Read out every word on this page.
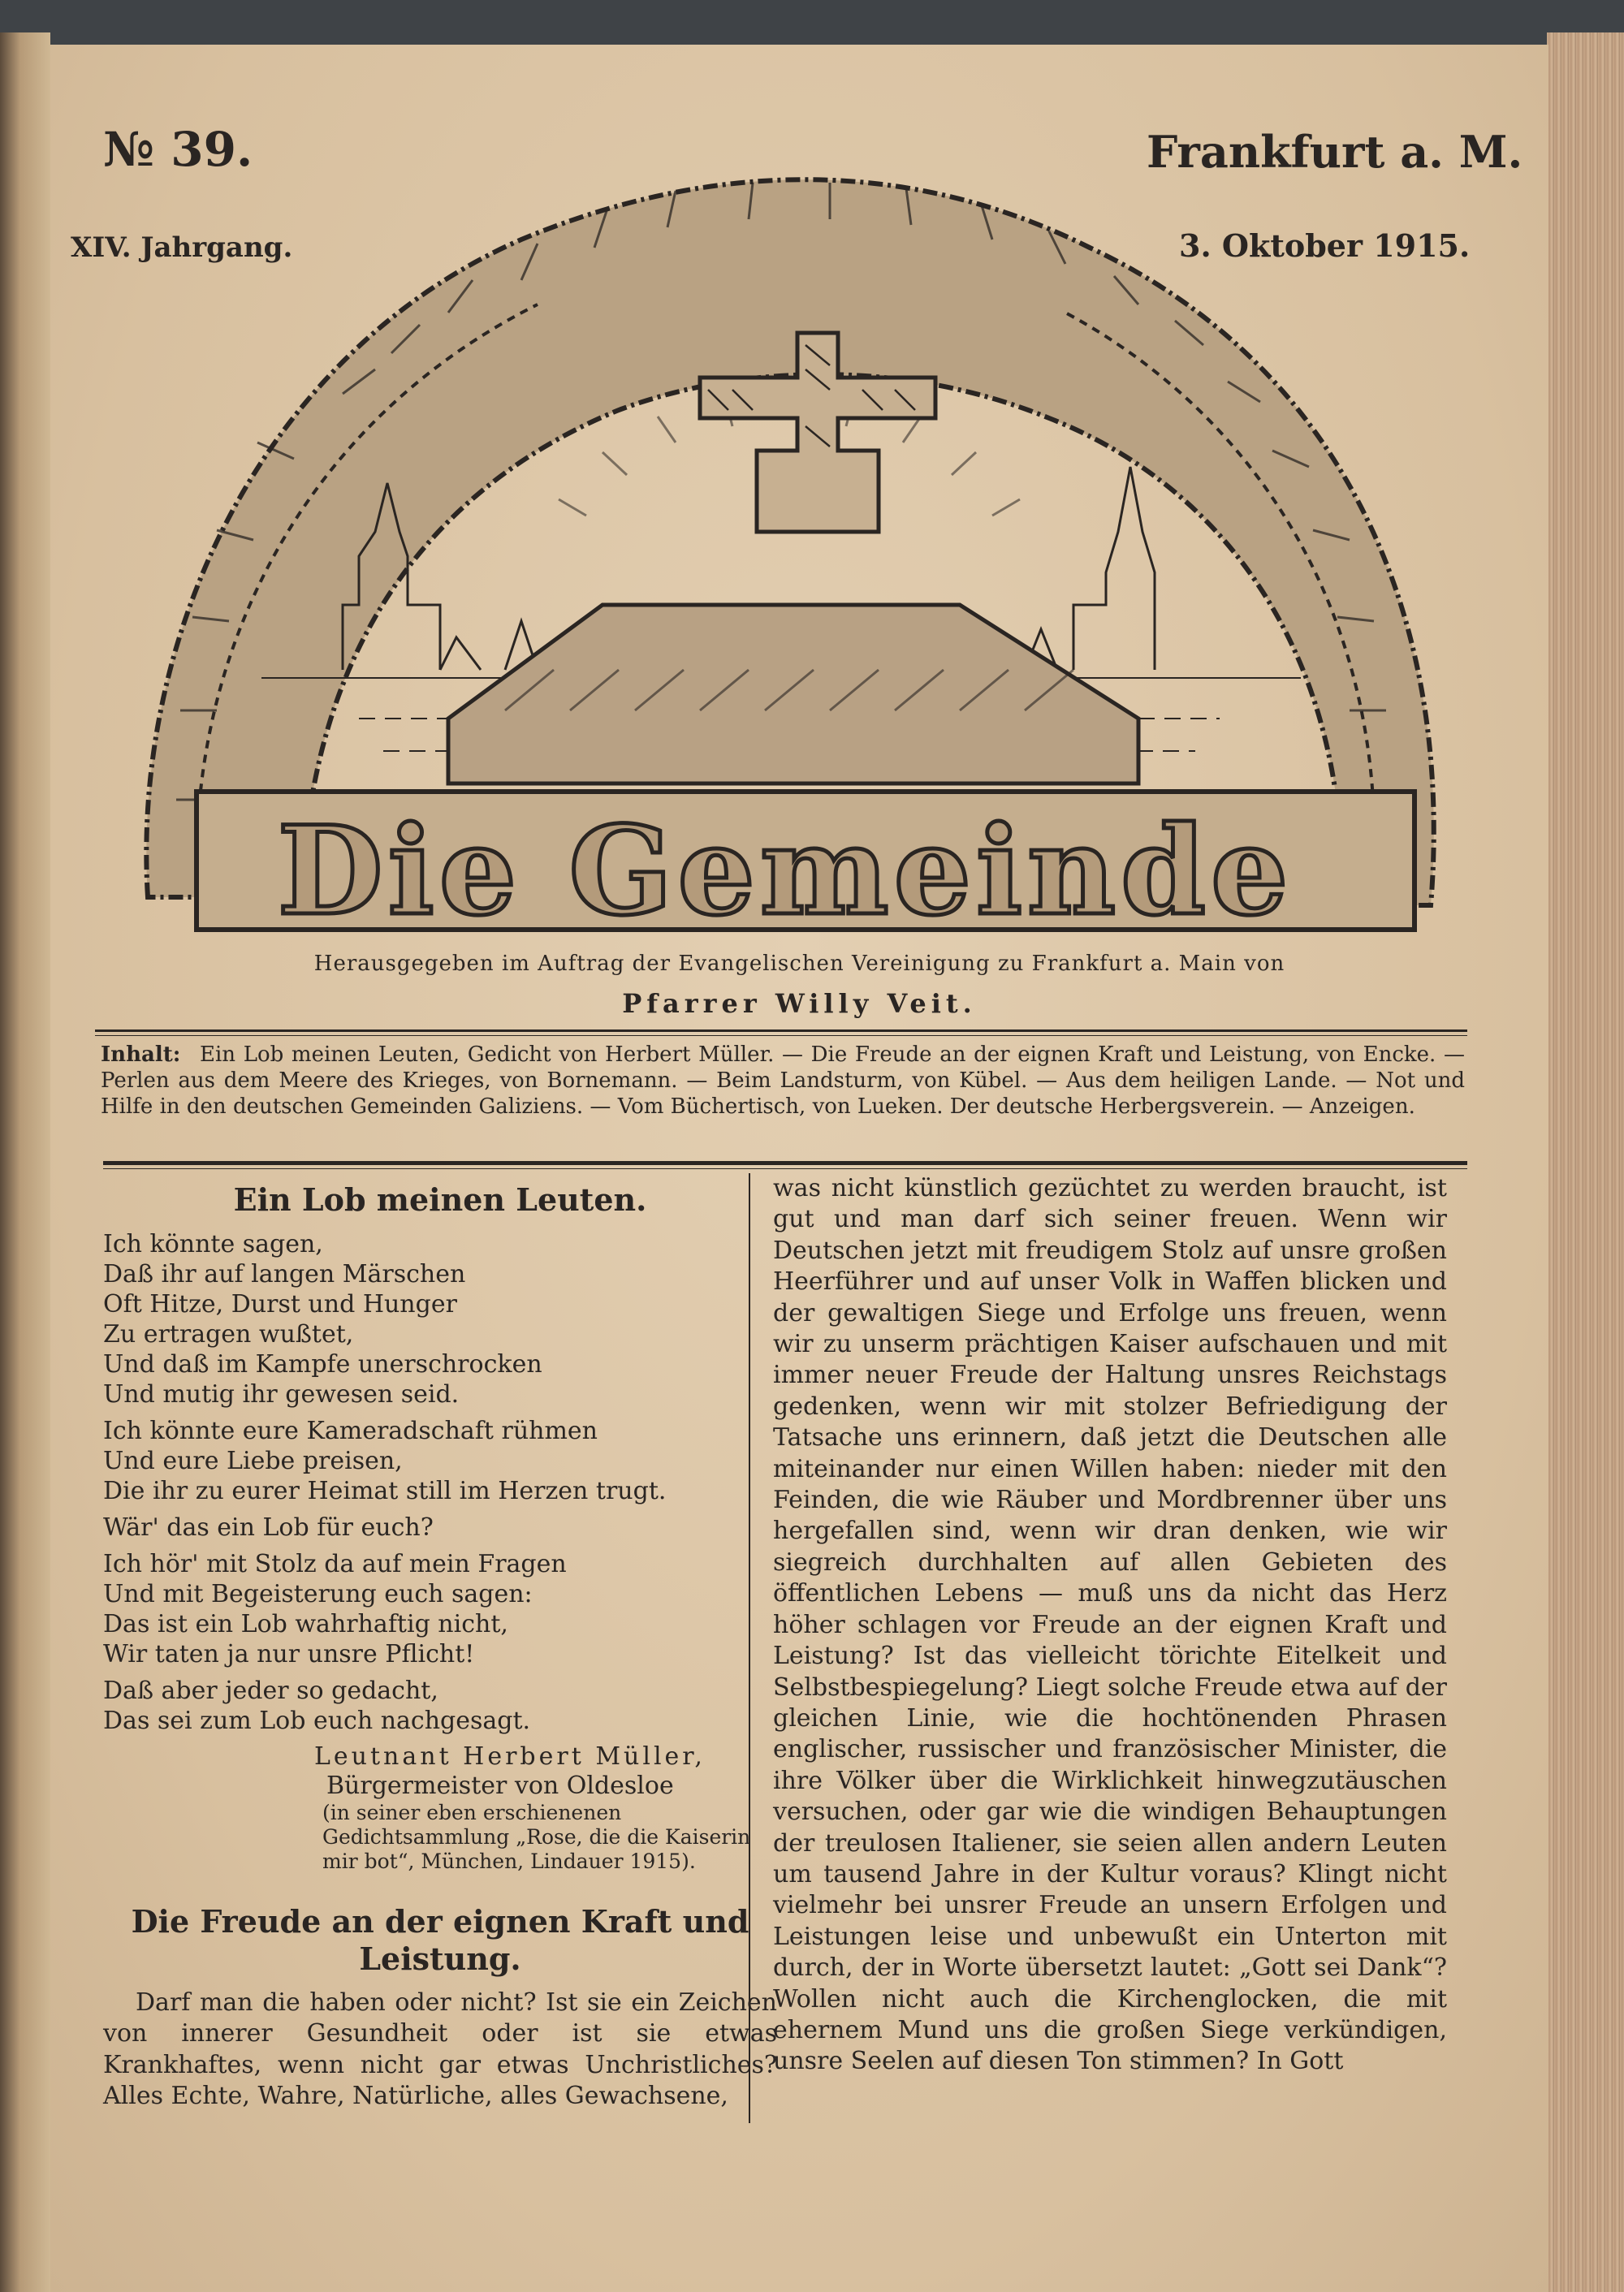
Die Gemeinde
№ 39.
XIV. Jahrgang.
Frankfurt a. M.
3. Oktober 1915.
Herausgegeben im Auftrag der Evangelischen Vereinigung zu Frankfurt a. Main von
Pfarrer Willy Veit.
Inhalt: Ein Lob meinen Leuten, Gedicht von Herbert Müller. — Die Freude an der eignen Kraft und Leistung, von Encke. — Perlen aus dem Meere des Krieges, von Bornemann. — Beim Landsturm, von Kübel. — Aus dem heiligen Lande. — Not und Hilfe in den deutschen Gemeinden Galiziens. — Vom Büchertisch, von Lueken. Der deutsche Herbergsverein. — Anzeigen.
Ein Lob meinen Leuten.
Ich könnte sagen,
Daß ihr auf langen Märschen
Oft Hitze, Durst und Hunger
Zu ertragen wußtet,
Und daß im Kampfe unerschrocken
Und mutig ihr gewesen seid.
Ich könnte eure Kameradschaft rühmen
Und eure Liebe preisen,
Die ihr zu eurer Heimat still im Herzen trugt.
Wär' das ein Lob für euch?
Ich hör' mit Stolz da auf mein Fragen
Und mit Begeisterung euch sagen:
Das ist ein Lob wahrhaftig nicht,
Wir taten ja nur unsre Pflicht!
Daß aber jeder so gedacht,
Das sei zum Lob euch nachgesagt.
Leutnant Herbert Müller,
Bürgermeister von Oldesloe
(in seiner eben erschienenen Gedichtsammlung „Rose, die die Kaiserin mir bot“, München, Lindauer 1915).
Die Freude an der eignen Kraft und Leistung.

Darf man die haben oder nicht? Ist sie ein Zeichen von innerer Gesundheit oder ist sie etwas Krankhaftes, wenn nicht gar etwas Unchristliches? Alles Echte, Wahre, Natürliche, alles Gewachsene,

was nicht künstlich gezüchtet zu werden braucht, ist gut und man darf sich seiner freuen. Wenn wir Deutschen jetzt mit freudigem Stolz auf unsre großen Heerführer und auf unser Volk in Waffen blicken und der gewaltigen Siege und Erfolge uns freuen, wenn wir zu unserm prächtigen Kaiser aufschauen und mit immer neuer Freude der Haltung unsres Reichstags gedenken, wenn wir mit stolzer Befriedigung der Tatsache uns erinnern, daß jetzt die Deutschen alle miteinander nur einen Willen haben: nieder mit den Feinden, die wie Räuber und Mordbrenner über uns hergefallen sind, wenn wir dran denken, wie wir siegreich durchhalten auf allen Gebieten des öffentlichen Lebens — muß uns da nicht das Herz höher schlagen vor Freude an der eignen Kraft und Leistung? Ist das vielleicht törichte Eitelkeit und Selbstbespiegelung? Liegt solche Freude etwa auf der gleichen Linie, wie die hochtönenden Phrasen englischer, russischer und französischer Minister, die ihre Völker über die Wirklichkeit hinwegzutäuschen versuchen, oder gar wie die windigen Behauptungen der treulosen Italiener, sie seien allen andern Leuten um tausend Jahre in der Kultur voraus? Klingt nicht vielmehr bei unsrer Freude an unsern Erfolgen und Leistungen leise und unbewußt ein Unterton mit durch, der in Worte übersetzt lautet: „Gott sei Dank“? Wollen nicht auch die Kirchenglocken, die mit ehernem Mund uns die großen Siege verkündigen, unsre Seelen auf diesen Ton stimmen? In Gott
